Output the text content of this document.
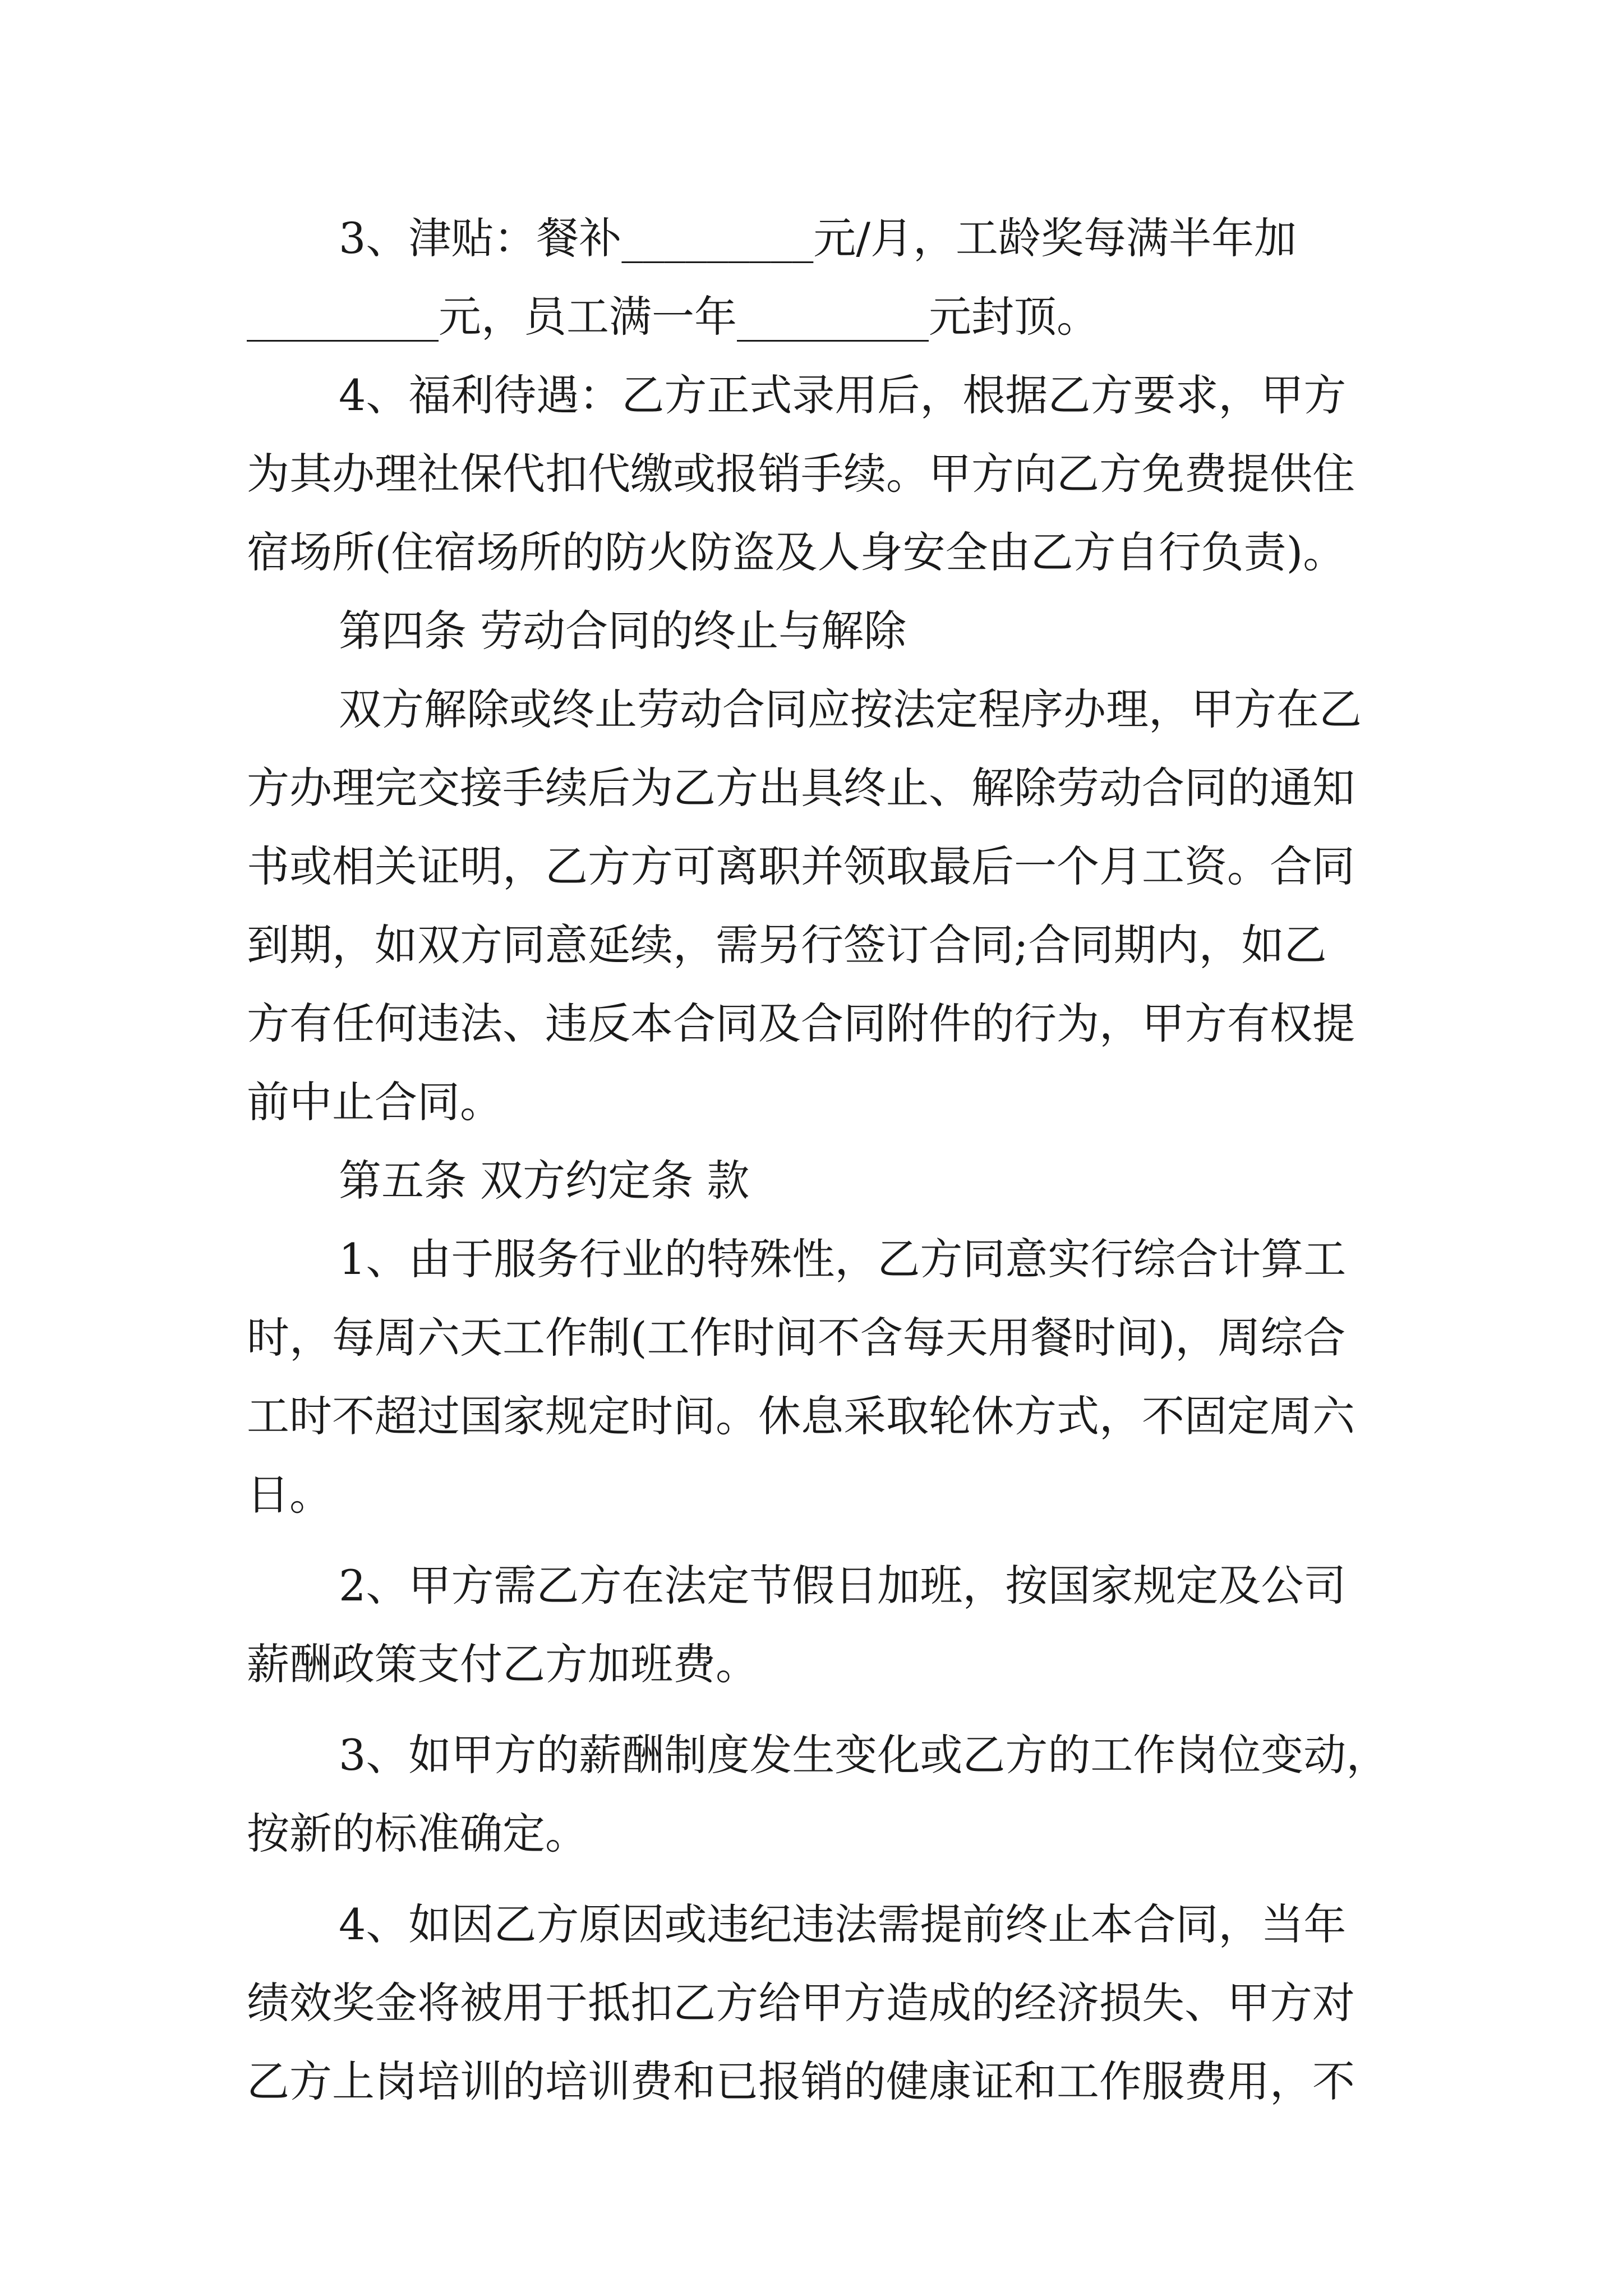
3、津贴：餐补_________元/月，工龄奖每满半年加
_________元，员工满一年_________元封顶。
4、福利待遇：乙方正式录用后，根据乙方要求，甲方
为其办理社保代扣代缴或报销手续。甲方向乙方免费提供住
宿场所(住宿场所的防火防盗及人身安全由乙方自行负责)。
第四条 劳动合同的终止与解除
双方解除或终止劳动合同应按法定程序办理，甲方在乙
方办理完交接手续后为乙方出具终止、解除劳动合同的通知
书或相关证明，乙方方可离职并领取最后一个月工资。合同
到期，如双方同意延续，需另行签订合同;合同期内，如乙
方有任何违法、违反本合同及合同附件的行为，甲方有权提
前中止合同。
第五条 双方约定条 款
1、由于服务行业的特殊性，乙方同意实行综合计算工
时，每周六天工作制(工作时间不含每天用餐时间)，周综合
工时不超过国家规定时间。休息采取轮休方式，不固定周六
日。
2、甲方需乙方在法定节假日加班，按国家规定及公司
薪酬政策支付乙方加班费。
3、如甲方的薪酬制度发生变化或乙方的工作岗位变动，
按新的标准确定。
4、如因乙方原因或违纪违法需提前终止本合同，当年
绩效奖金将被用于抵扣乙方给甲方造成的经济损失、甲方对
乙方上岗培训的培训费和已报销的健康证和工作服费用，不
